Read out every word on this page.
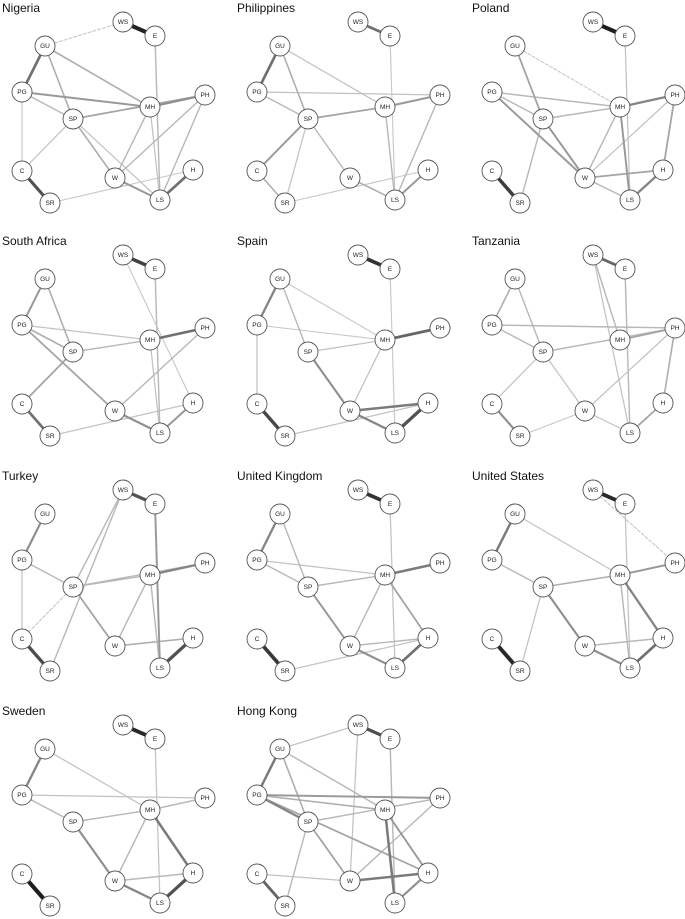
Nigeria
WS
E
GU
PG
SP
MH
PH
C
SR
W
LS
H
Philippines
WS
E
GU
PG
SP
MH
PH
C
SR
W
LS
H
Poland
WS
E
GU
PG
SP
MH
PH
C
SR
W
LS
H
South Africa
WS
E
GU
PG
SP
MH
PH
C
SR
W
LS
H
Spain
WS
E
GU
PG
SP
MH
PH
C
SR
W
LS
H
Tanzania
WS
E
GU
PG
SP
MH
PH
C
SR
W
LS
H
Turkey
WS
E
GU
PG
SP
MH
PH
C
SR
W
LS
H
United Kingdom
WS
E
GU
PG
SP
MH
PH
C
SR
W
LS
H
United States
WS
E
GU
PG
SP
MH
PH
C
SR
W
LS
H
Sweden
WS
E
GU
PG
SP
MH
PH
C
SR
W
LS
H
Hong Kong
WS
E
GU
PG
SP
MH
PH
C
SR
W
LS
H
